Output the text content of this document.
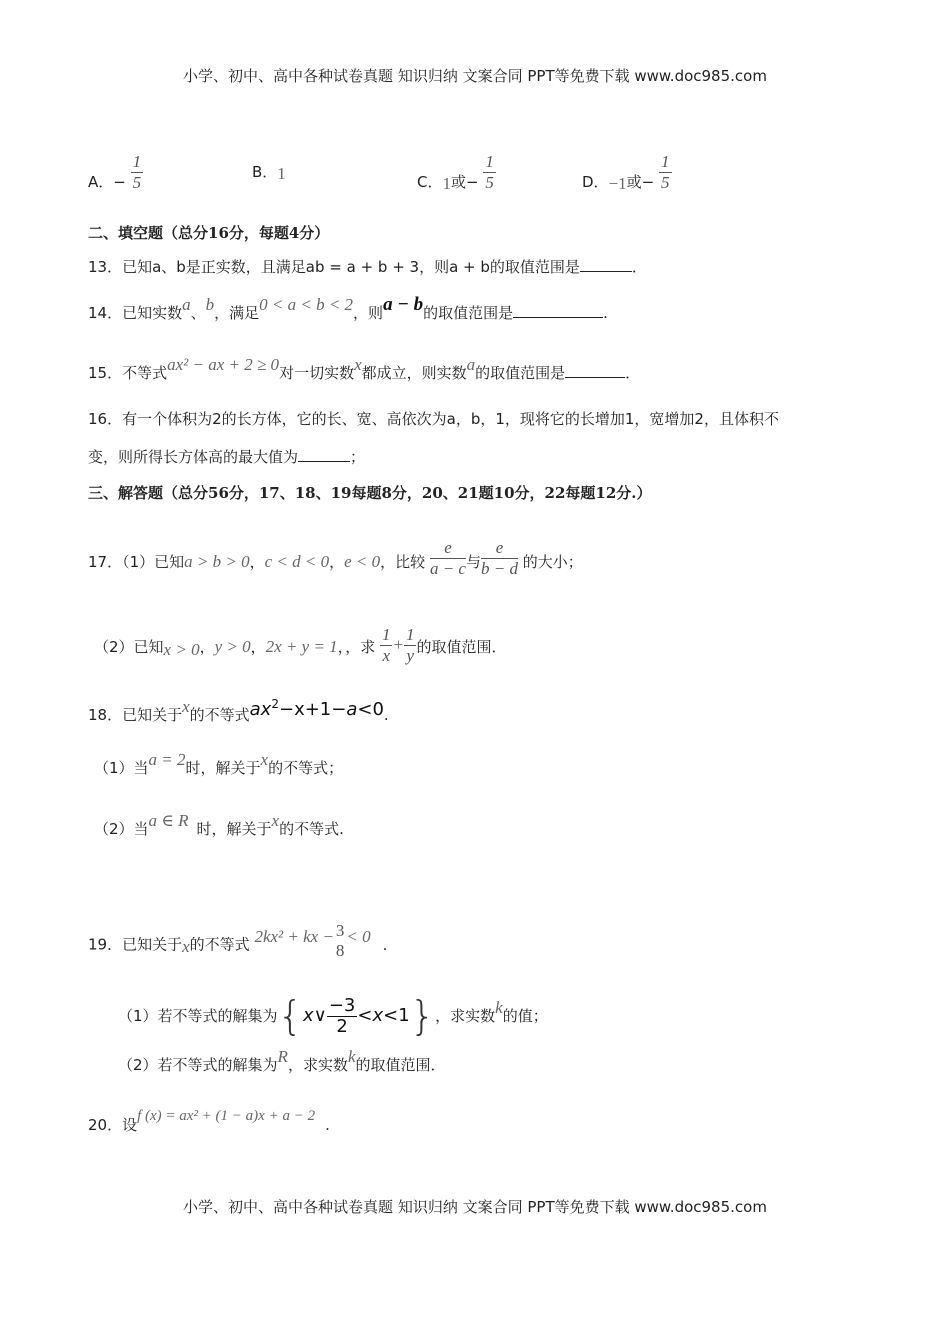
小学、初中、高中各种试卷真题 知识归纳 文案合同 PPT等免费下载 www.doc985.com
A．− $\frac{1}{5}$	B．1	C．1或− $\frac{1}{5}$	D．−1或− $\frac{1}{5}$
二、填空题（总分16分，每题4分）
13．已知a、b是正实数，且满足ab = a + b + 3，则a + b的取值范围是	．
14．已知实数a、b，满足0 < a < b < 2，则a − b的取值范围是	.
15．不等式ax² − ax + 2 ≥ 0对一切实数x都成立，则实数a的取值范围是	．
16．有一个体积为2的长方体，它的长、宽、高依次为a，b，1，现将它的长增加1，宽增加2，且体积不
变，则所得长方体高的最大值为	；
三、解答题（总分56分，17、18、19每题8分，20、21题10分，22每题12分.）
17．（1）已知a > b > 0，c < d < 0，e < 0，比较 $\frac{e}{a - c}$ 与 $\frac{e}{b - d}$ 的大小；
（2）已知x > 0，y > 0，2x + y = 1，，求 $\frac{1}{x} + \frac{1}{y}$ 的取值范围．
18．已知关于x的不等式$ax^2-x+1-a<0$.
（1）当a = 2时，解关于x的不等式；
（2）当a ∈ R 时，解关于x的不等式.
19．已知关于x的不等式 2kx² + kx − 3
8
< 0 .
（1）若不等式的解集为{x∨ $\frac{-3}{2} <x<1$}，求实数k的值；
（2）若不等式的解集为R，求实数k的取值范围．
20．设f (x) = ax² + (1 − a)x + a − 2 .
小学、初中、高中各种试卷真题 知识归纳 文案合同 PPT等免费下载 www.doc985.com
